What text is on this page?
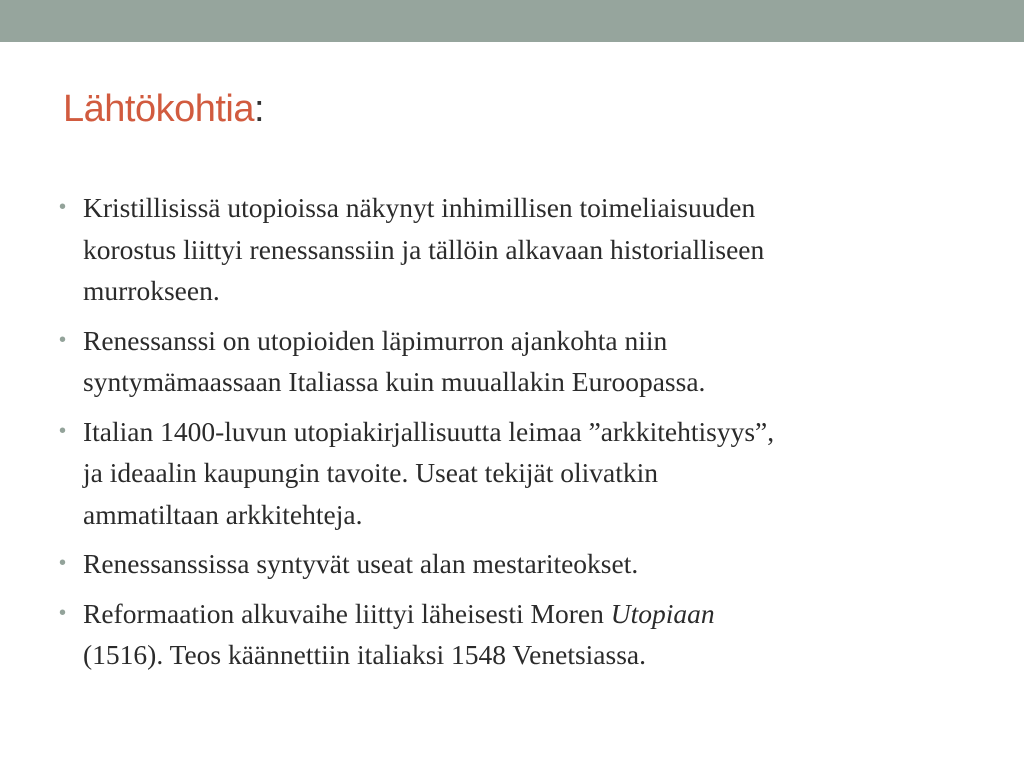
Lähtökohtia:
• Kristillisissä utopioissa näkynyt inhimillisen toimeliaisuuden
korostus liittyi renessanssiin ja tällöin alkavaan historialliseen
murrokseen.
• Renessanssi on utopioiden läpimurron ajankohta niin
syntymämaassaan Italiassa kuin muuallakin Euroopassa.
• Italian 1400-luvun utopiakirjallisuutta leimaa ”arkkitehtisyys”,
ja ideaalin kaupungin tavoite. Useat tekijät olivatkin
ammatiltaan arkkitehteja.
• Renessanssissa syntyvät useat alan mestariteokset.
• Reformaation alkuvaihe liittyi läheisesti Moren Utopiaan
(1516). Teos käännettiin italiaksi 1548 Venetsiassa.
